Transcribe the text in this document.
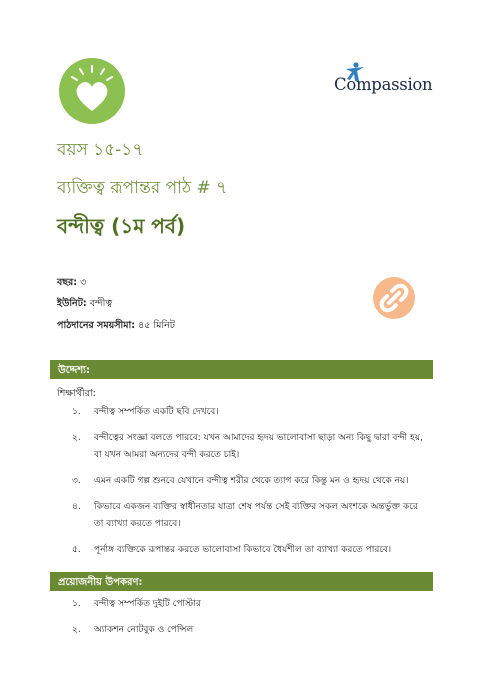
Compassion
বয়স ১৫-১৭
ব্যক্তিত্ব রূপান্তর পাঠ # ৭
বন্দীত্ব (১ম পর্ব)
বছর: ৩
ইউনিট: বন্দীত্ব
পাঠদানের সময়সীমা: ৪৫ মিনিট
উদ্দেশ্য:
শিক্ষার্থীরা:
১. বন্দীত্ব সম্পর্কিত একটি ছবি দেখবে।
২. বন্দীত্বের সংজ্ঞা বলতে পারবে: যখন আমাদের হৃদয় ভালোবাসা ছাড়া অন্য কিছু দ্বারা বন্দী হয়, বা যখন আমরা অন্যদের বন্দী করতে চাই।
৩. এমন একটি গল্প শুনবে যেখানে বন্দীত্ব শরীর থেকে ত্যাগ করে কিন্তু মন ও হৃদয় থেকে নয়।
৪. কিভাবে একজন ব্যক্তির স্বাধীনতার যাত্রা শেষ পর্যন্ত সেই ব্যক্তির সকল অংশকে অন্তর্ভুক্ত করে তা ব্যাখ্যা করতে পারবে।
৫. পূর্নাঙ্গ ব্যক্তিকে রূপান্তর করতে ভালোবাসা কিভাবে ধৈর্যশীল তা ব্যাখ্যা করতে পারবে।
প্রয়োজনীয় উপকরণ:
১. বন্দীত্ব সম্পর্কিত দুইটি পোস্টার
২. অ্যাকশন নোটবুক ও পেন্সিল
